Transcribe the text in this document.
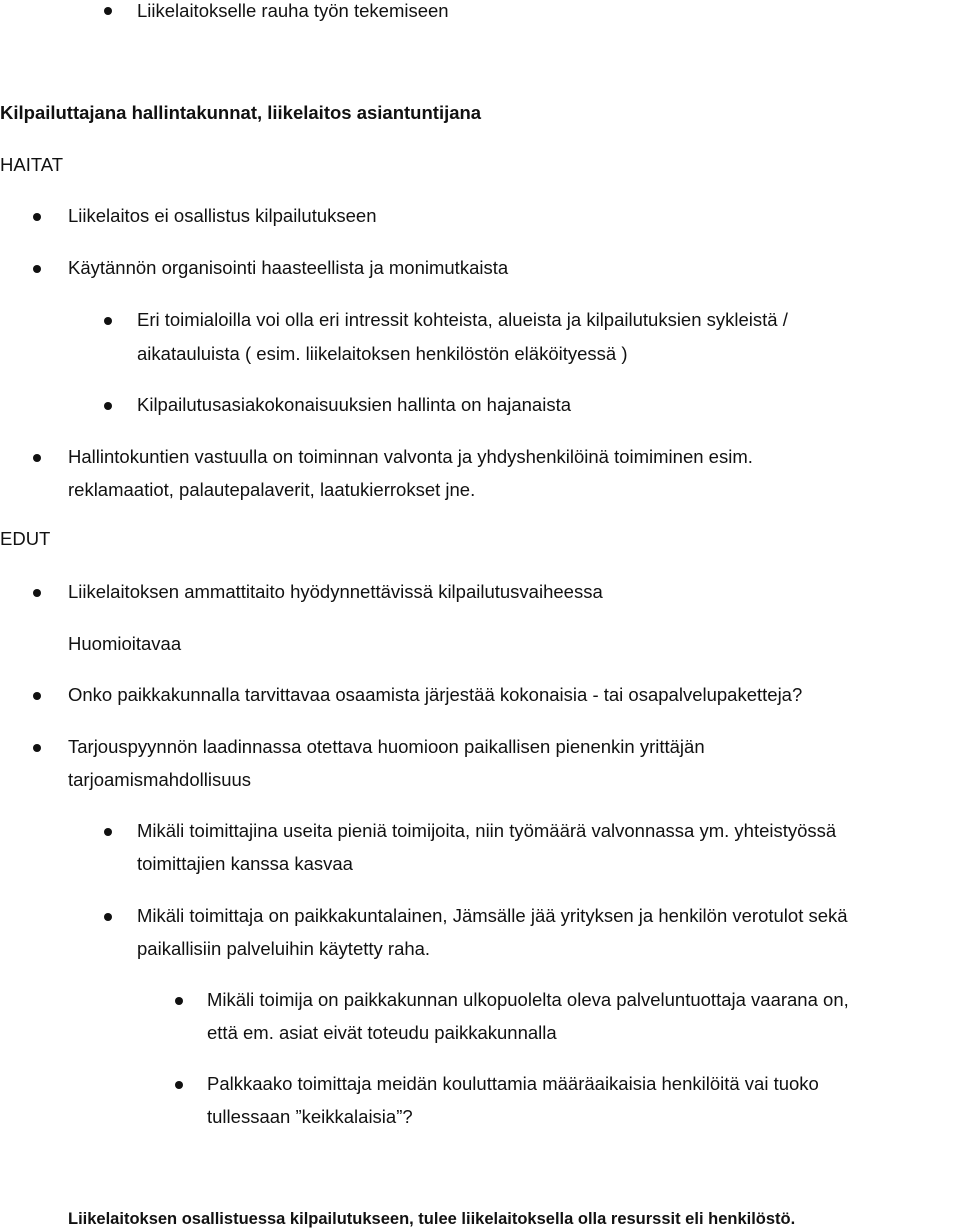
Liikelaitokselle rauha työn tekemiseen

Kilpailuttajana hallintakunnat, liikelaitos asiantuntijana

HAITAT

Liikelaitos ei osallistus kilpailutukseen

Käytännön organisointi haasteellista ja monimutkaista

Eri toimialoilla voi olla eri intressit kohteista, alueista ja kilpailutuksien sykleistä /

aikatauluista ( esim. liikelaitoksen henkilöstön eläköityessä )

Kilpailutusasiakokonaisuuksien hallinta on hajanaista

Hallintokuntien vastuulla on toiminnan valvonta ja yhdyshenkilöinä toimiminen esim.

reklamaatiot, palautepalaverit, laatukierrokset jne.

EDUT

Liikelaitoksen ammattitaito hyödynnettävissä kilpailutusvaiheessa

Huomioitavaa

Onko paikkakunnalla tarvittavaa osaamista järjestää kokonaisia - tai osapalvelupaketteja?

Tarjouspyynnön laadinnassa otettava huomioon paikallisen pienenkin yrittäjän

tarjoamismahdollisuus

Mikäli toimittajina useita pieniä toimijoita, niin työmäärä valvonnassa ym. yhteistyössä

toimittajien kanssa kasvaa

Mikäli toimittaja on paikkakuntalainen, Jämsälle jää yrityksen ja henkilön verotulot sekä

paikallisiin palveluihin käytetty raha.

Mikäli toimija on paikkakunnan ulkopuolelta oleva palveluntuottaja vaarana on,

että em. asiat eivät toteudu paikkakunnalla

Palkkaako toimittaja meidän kouluttamia määräaikaisia henkilöitä vai tuoko

tullessaan ”keikkalaisia”?

Liikelaitoksen osallistuessa kilpailutukseen, tulee liikelaitoksella olla resurssit eli henkilöstö.
